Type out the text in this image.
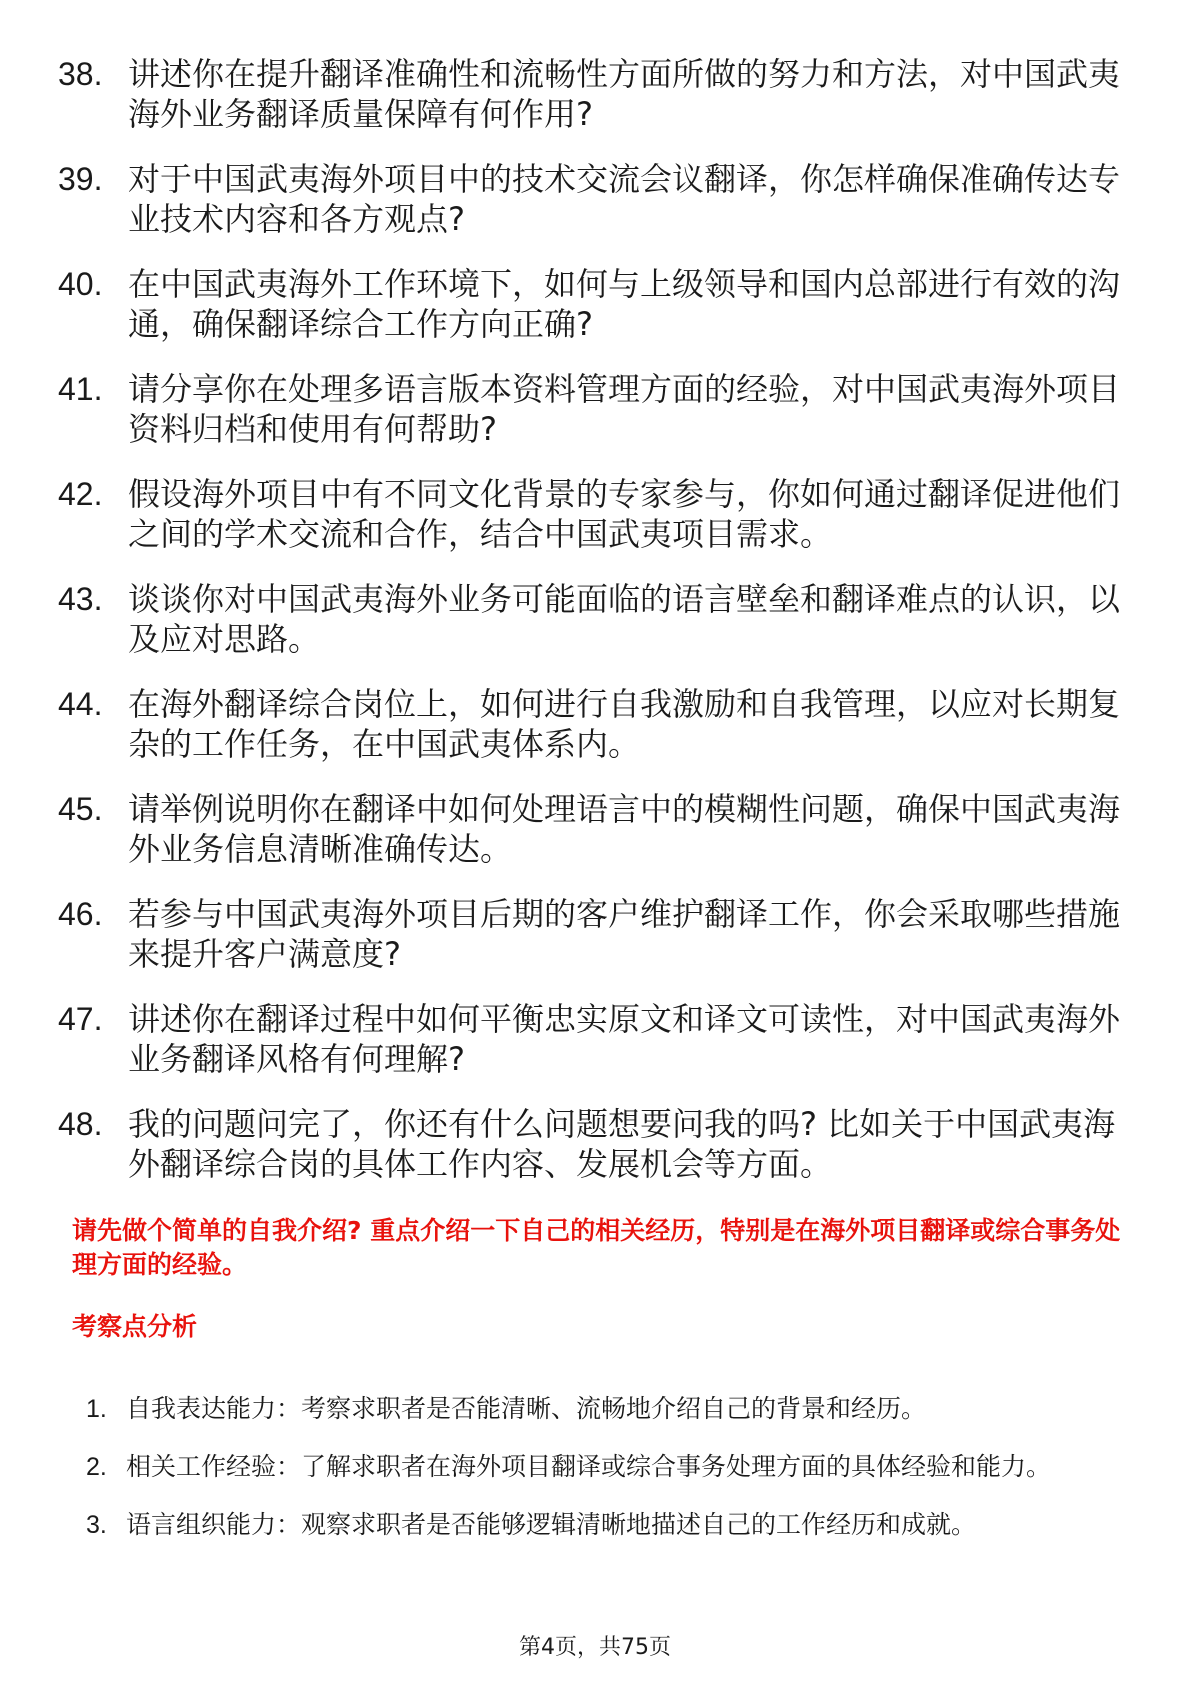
38. 讲述你在提升翻译准确性和流畅性方面所做的努力和方法，对中国武夷海外业务翻译质量保障有何作用?
39. 对于中国武夷海外项目中的技术交流会议翻译，你怎样确保准确传达专业技术内容和各方观点?
40. 在中国武夷海外工作环境下，如何与上级领导和国内总部进行有效的沟通，确保翻译综合工作方向正确?
41. 请分享你在处理多语言版本资料管理方面的经验，对中国武夷海外项目资料归档和使用有何帮助?
42. 假设海外项目中有不同文化背景的专家参与，你如何通过翻译促进他们之间的学术交流和合作，结合中国武夷项目需求。
43. 谈谈你对中国武夷海外业务可能面临的语言壁垒和翻译难点的认识，以及应对思路。
44. 在海外翻译综合岗位上，如何进行自我激励和自我管理，以应对长期复杂的工作任务，在中国武夷体系内。
45. 请举例说明你在翻译中如何处理语言中的模糊性问题，确保中国武夷海外业务信息清晰准确传达。
46. 若参与中国武夷海外项目后期的客户维护翻译工作，你会采取哪些措施来提升客户满意度?
47. 讲述你在翻译过程中如何平衡忠实原文和译文可读性，对中国武夷海外业务翻译风格有何理解?
48. 我的问题问完了，你还有什么问题想要问我的吗? 比如关于中国武夷海外翻译综合岗的具体工作内容、发展机会等方面。
请先做个简单的自我介绍? 重点介绍一下自己的相关经历，特别是在海外项目翻译或综合事务处理方面的经验。
考察点分析
1. 自我表达能力：考察求职者是否能清晰、流畅地介绍自己的背景和经历。
2. 相关工作经验：了解求职者在海外项目翻译或综合事务处理方面的具体经验和能力。
3. 语言组织能力：观察求职者是否能够逻辑清晰地描述自己的工作经历和成就。
第4页，共75页
